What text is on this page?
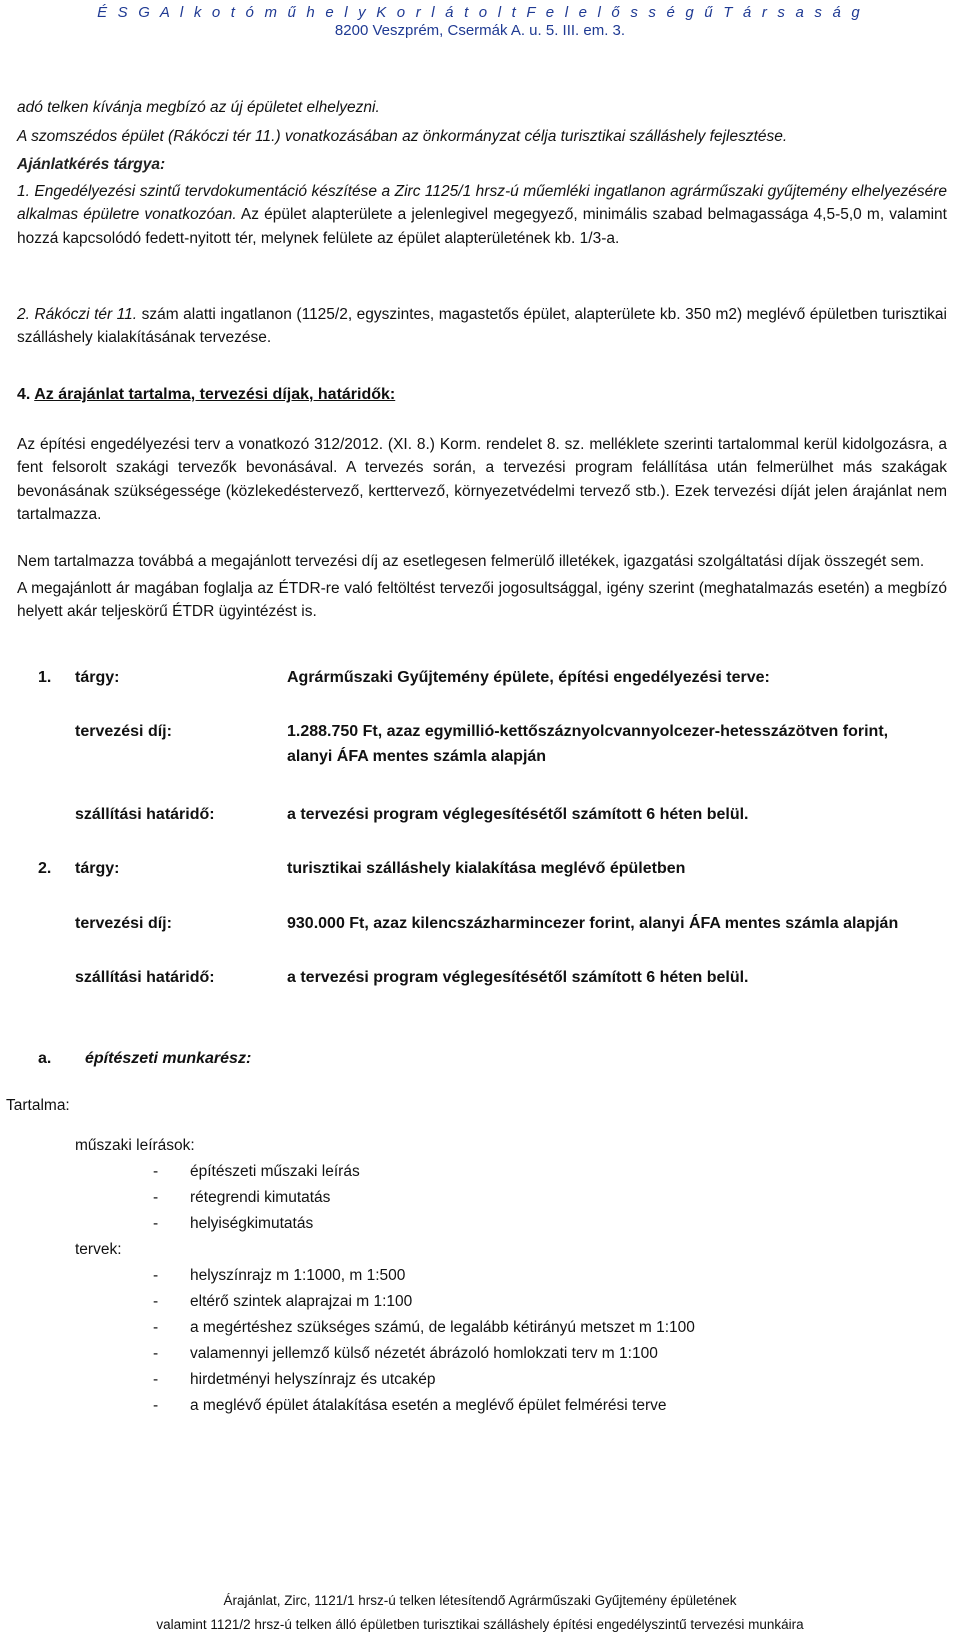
É S G A l k o t ó m ű h e l y K o r l á t o l t F e l e l ő s s é g ű T á r s a s á g
8200 Veszprém, Csermák A. u. 5. III. em. 3.
adó telken kívánja megbízó az új épületet elhelyezni.
A szomszédos épület (Rákóczi tér 11.) vonatkozásában az önkormányzat célja turisztikai szálláshely fejlesztése.
Ajánlatkérés tárgya:
1. Engedélyezési szintű tervdokumentáció készítése a Zirc 1125/1 hrsz-ú műemléki ingatlanon agrárműszaki gyűjtemény elhelyezésére alkalmas épületre vonatkozóan. Az épület alapterülete a jelenlegivel megegyező, minimális szabad belmagassága 4,5-5,0 m, valamint hozzá kapcsolódó fedett-nyitott tér, melynek felülete az épület alapterületének kb. 1/3-a.
2. Rákóczi tér 11. szám alatti ingatlanon (1125/2, egyszintes, magastetős épület, alapterülete kb. 350 m2) meglévő épületben turisztikai szálláshely kialakításának tervezése.
4. Az árajánlat tartalma, tervezési díjak, határidők:
Az építési engedélyezési terv a vonatkozó 312/2012. (XI. 8.) Korm. rendelet 8. sz. melléklete szerinti tartalommal kerül kidolgozásra, a fent felsorolt szakági tervezők bevonásával. A tervezés során, a tervezési program felállítása után felmerülhet más szakágak bevonásának szükségessége (közlekedéstervező, kerttervező, környezetvédelmi tervező stb.). Ezek tervezési díját jelen árajánlat nem tartalmazza.
Nem tartalmazza továbbá a megajánlott tervezési díj az esetlegesen felmerülő illetékek, igazgatási szolgáltatási díjak összegét sem.
A megajánlott ár magában foglalja az ÉTDR-re való feltöltést tervezői jogosultsággal, igény szerint (meghatalmazás esetén) a megbízó helyett akár teljeskörű ÉTDR ügyintézést is.
1. tárgy:	Agrárműszaki Gyűjtemény épülete, építési engedélyezési terve:
tervezési díj:	1.288.750 Ft, azaz egymillió-kettőszáznyolcvannyolcezer-hetesszázötven forint,
alanyi ÁFA mentes számla alapján
szállítási határidő:	a tervezési program véglegesítésétől számított 6 héten belül.
2. tárgy:	turisztikai szálláshely kialakítása meglévő épületben
tervezési díj:	930.000 Ft, azaz kilencszázharmincezer forint, alanyi ÁFA mentes számla alapján
szállítási határidő:	a tervezési program véglegesítésétől számított 6 héten belül.
a. építészeti munkarész:
Tartalma:
műszaki leírások:
- építészeti műszaki leírás
- rétegrendi kimutatás
- helyiségkimutatás
tervek:
- helyszínrajz m 1:1000, m 1:500
- eltérő szintek alaprajzai m 1:100
- a megértéshez szükséges számú, de legalább kétirányú metszet m 1:100
- valamennyi jellemző külső nézetét ábrázoló homlokzati terv m 1:100
- hirdetményi helyszínrajz és utcakép
- a meglévő épület átalakítása esetén a meglévő épület felmérési terve
Árajánlat, Zirc, 1121/1 hrsz-ú telken létesítendő Agrárműszaki Gyűjtemény épületének
valamint 1121/2 hrsz-ú telken álló épületben turisztikai szálláshely építési engedélyszintű tervezési munkáira
